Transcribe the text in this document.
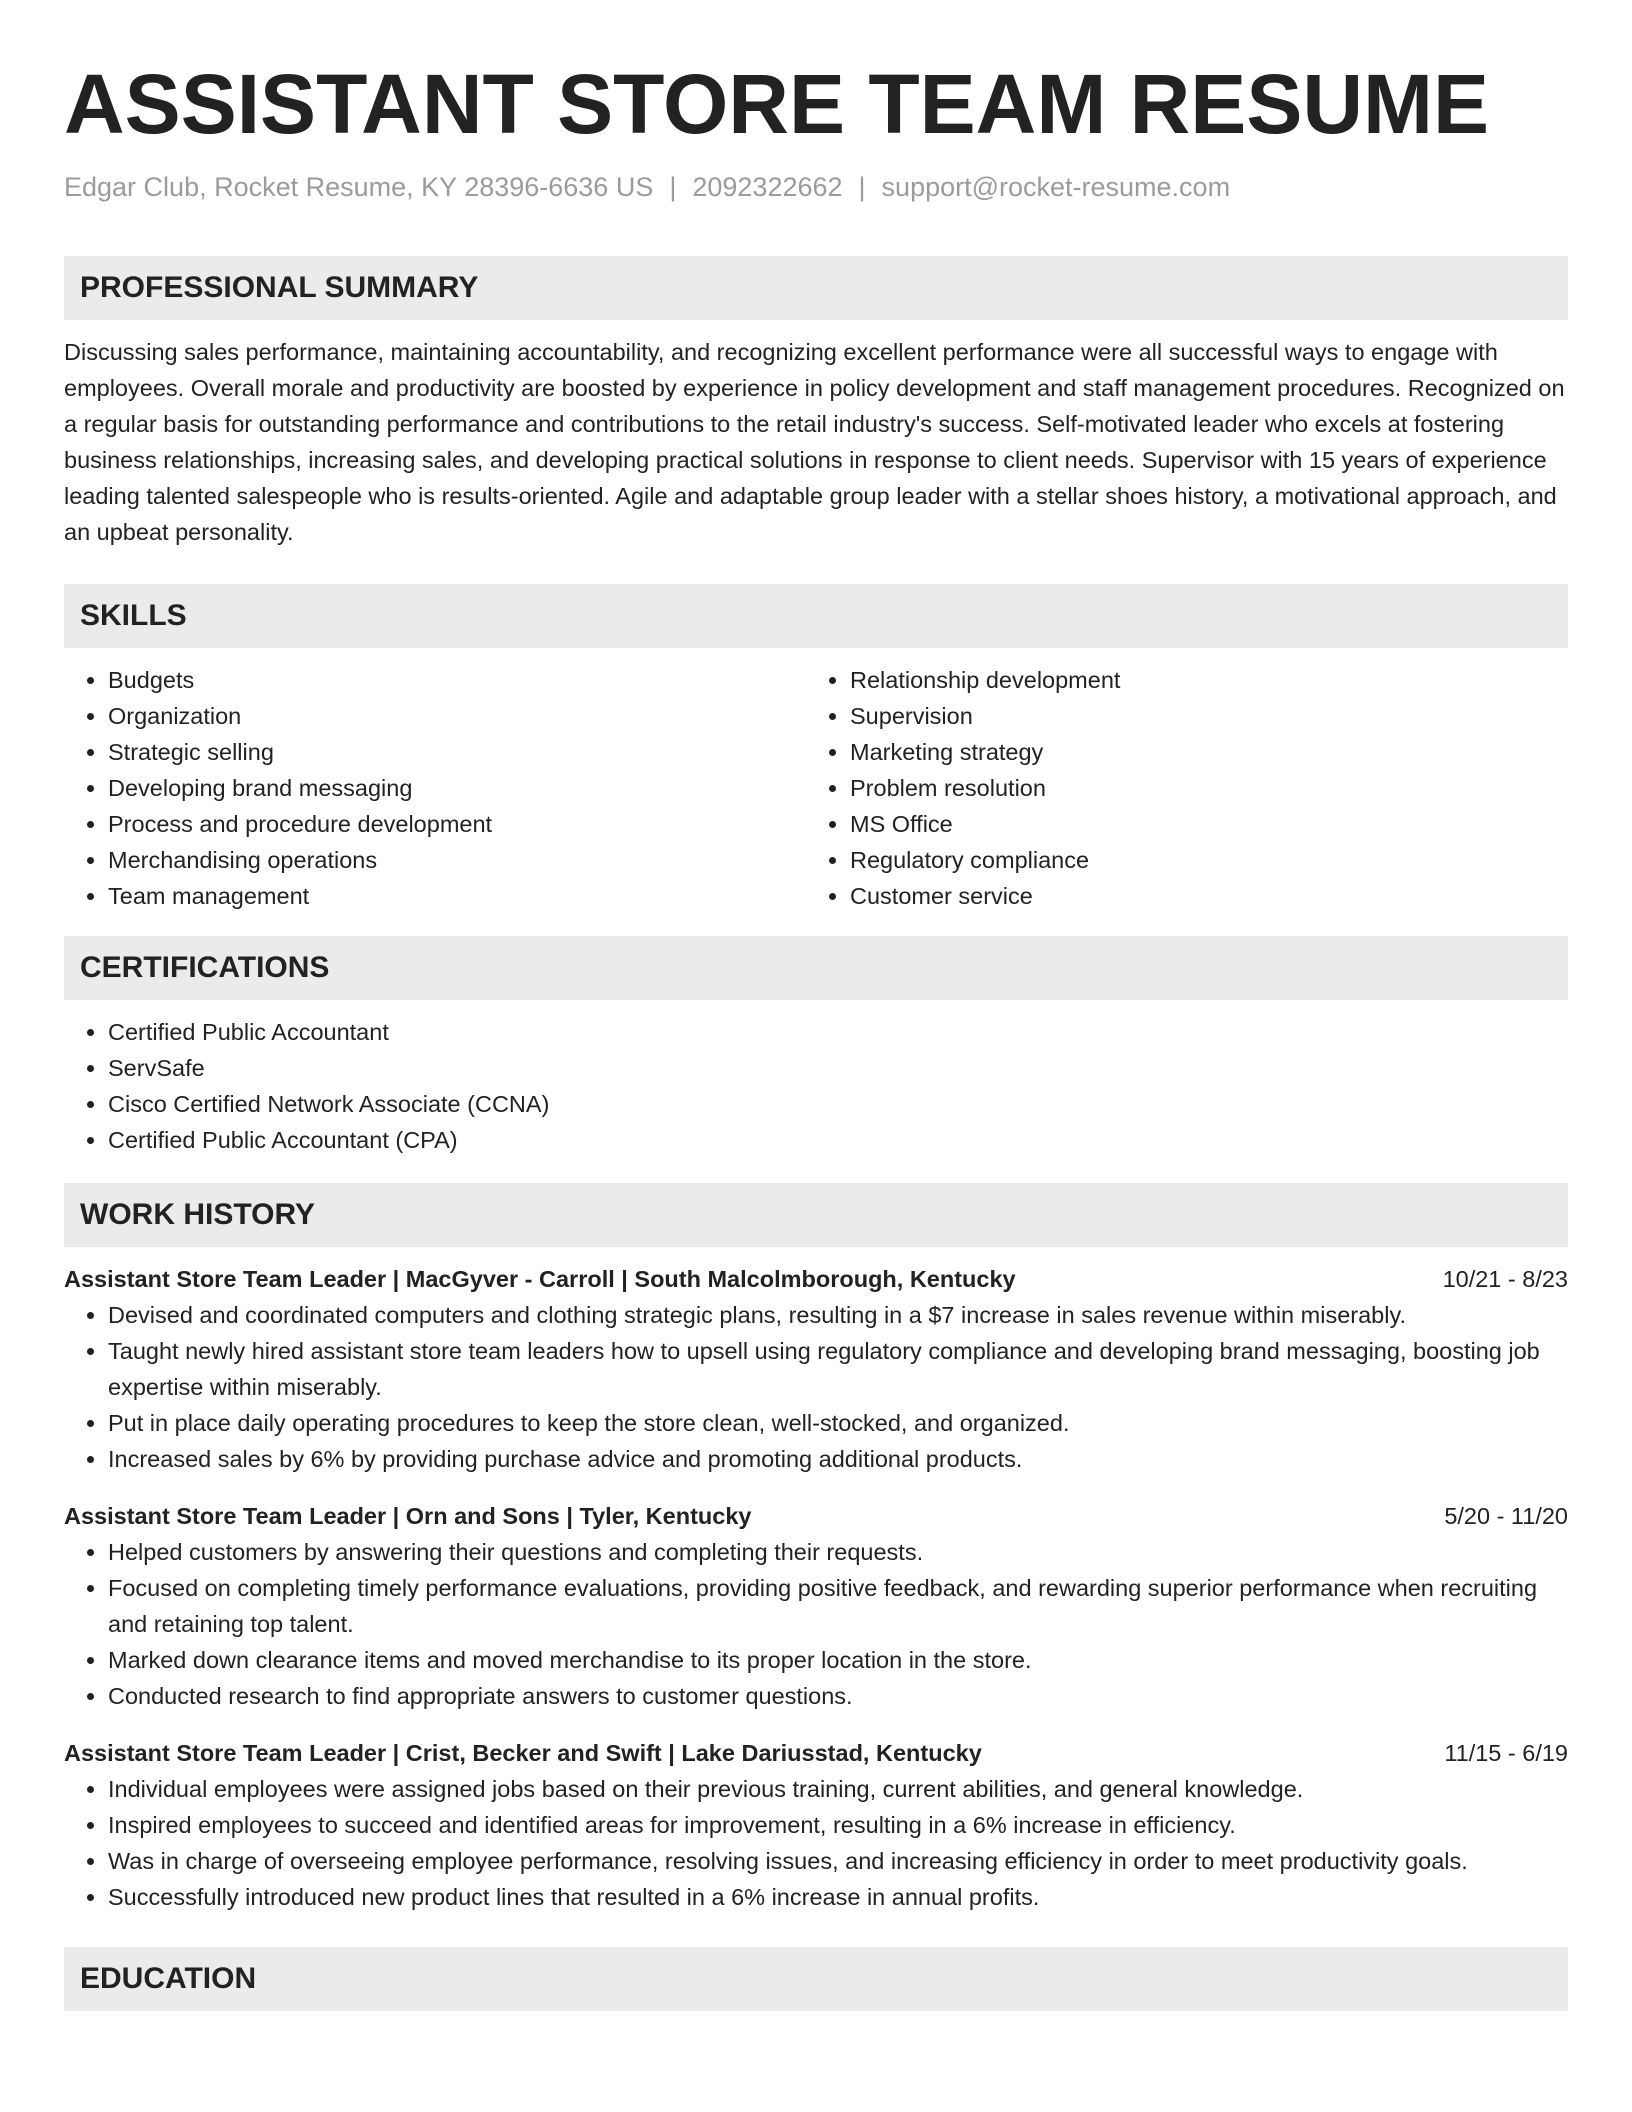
ASSISTANT STORE TEAM RESUME
Edgar Club, Rocket Resume, KY 28396-6636 US | 2092322662 | support@rocket-resume.com
PROFESSIONAL SUMMARY
Discussing sales performance, maintaining accountability, and recognizing excellent performance were all successful ways to engage with employees. Overall morale and productivity are boosted by experience in policy development and staff management procedures. Recognized on a regular basis for outstanding performance and contributions to the retail industry's success. Self-motivated leader who excels at fostering business relationships, increasing sales, and developing practical solutions in response to client needs. Supervisor with 15 years of experience leading talented salespeople who is results-oriented. Agile and adaptable group leader with a stellar shoes history, a motivational approach, and an upbeat personality.
SKILLS
• Budgets
• Organization
• Strategic selling
• Developing brand messaging
• Process and procedure development
• Merchandising operations
• Team management
• Relationship development
• Supervision
• Marketing strategy
• Problem resolution
• MS Office
• Regulatory compliance
• Customer service
CERTIFICATIONS
• Certified Public Accountant
• ServSafe
• Cisco Certified Network Associate (CCNA)
• Certified Public Accountant (CPA)
WORK HISTORY
Assistant Store Team Leader | MacGyver - Carroll | South Malcolmborough, Kentucky	10/21 - 8/23
• Devised and coordinated computers and clothing strategic plans, resulting in a $7 increase in sales revenue within miserably.
• Taught newly hired assistant store team leaders how to upsell using regulatory compliance and developing brand messaging, boosting job expertise within miserably.
• Put in place daily operating procedures to keep the store clean, well-stocked, and organized.
• Increased sales by 6% by providing purchase advice and promoting additional products.
Assistant Store Team Leader | Orn and Sons | Tyler, Kentucky	5/20 - 11/20
• Helped customers by answering their questions and completing their requests.
• Focused on completing timely performance evaluations, providing positive feedback, and rewarding superior performance when recruiting and retaining top talent.
• Marked down clearance items and moved merchandise to its proper location in the store.
• Conducted research to find appropriate answers to customer questions.
Assistant Store Team Leader | Crist, Becker and Swift | Lake Dariusstad, Kentucky	11/15 - 6/19
• Individual employees were assigned jobs based on their previous training, current abilities, and general knowledge.
• Inspired employees to succeed and identified areas for improvement, resulting in a 6% increase in efficiency.
• Was in charge of overseeing employee performance, resolving issues, and increasing efficiency in order to meet productivity goals.
• Successfully introduced new product lines that resulted in a 6% increase in annual profits.
EDUCATION
